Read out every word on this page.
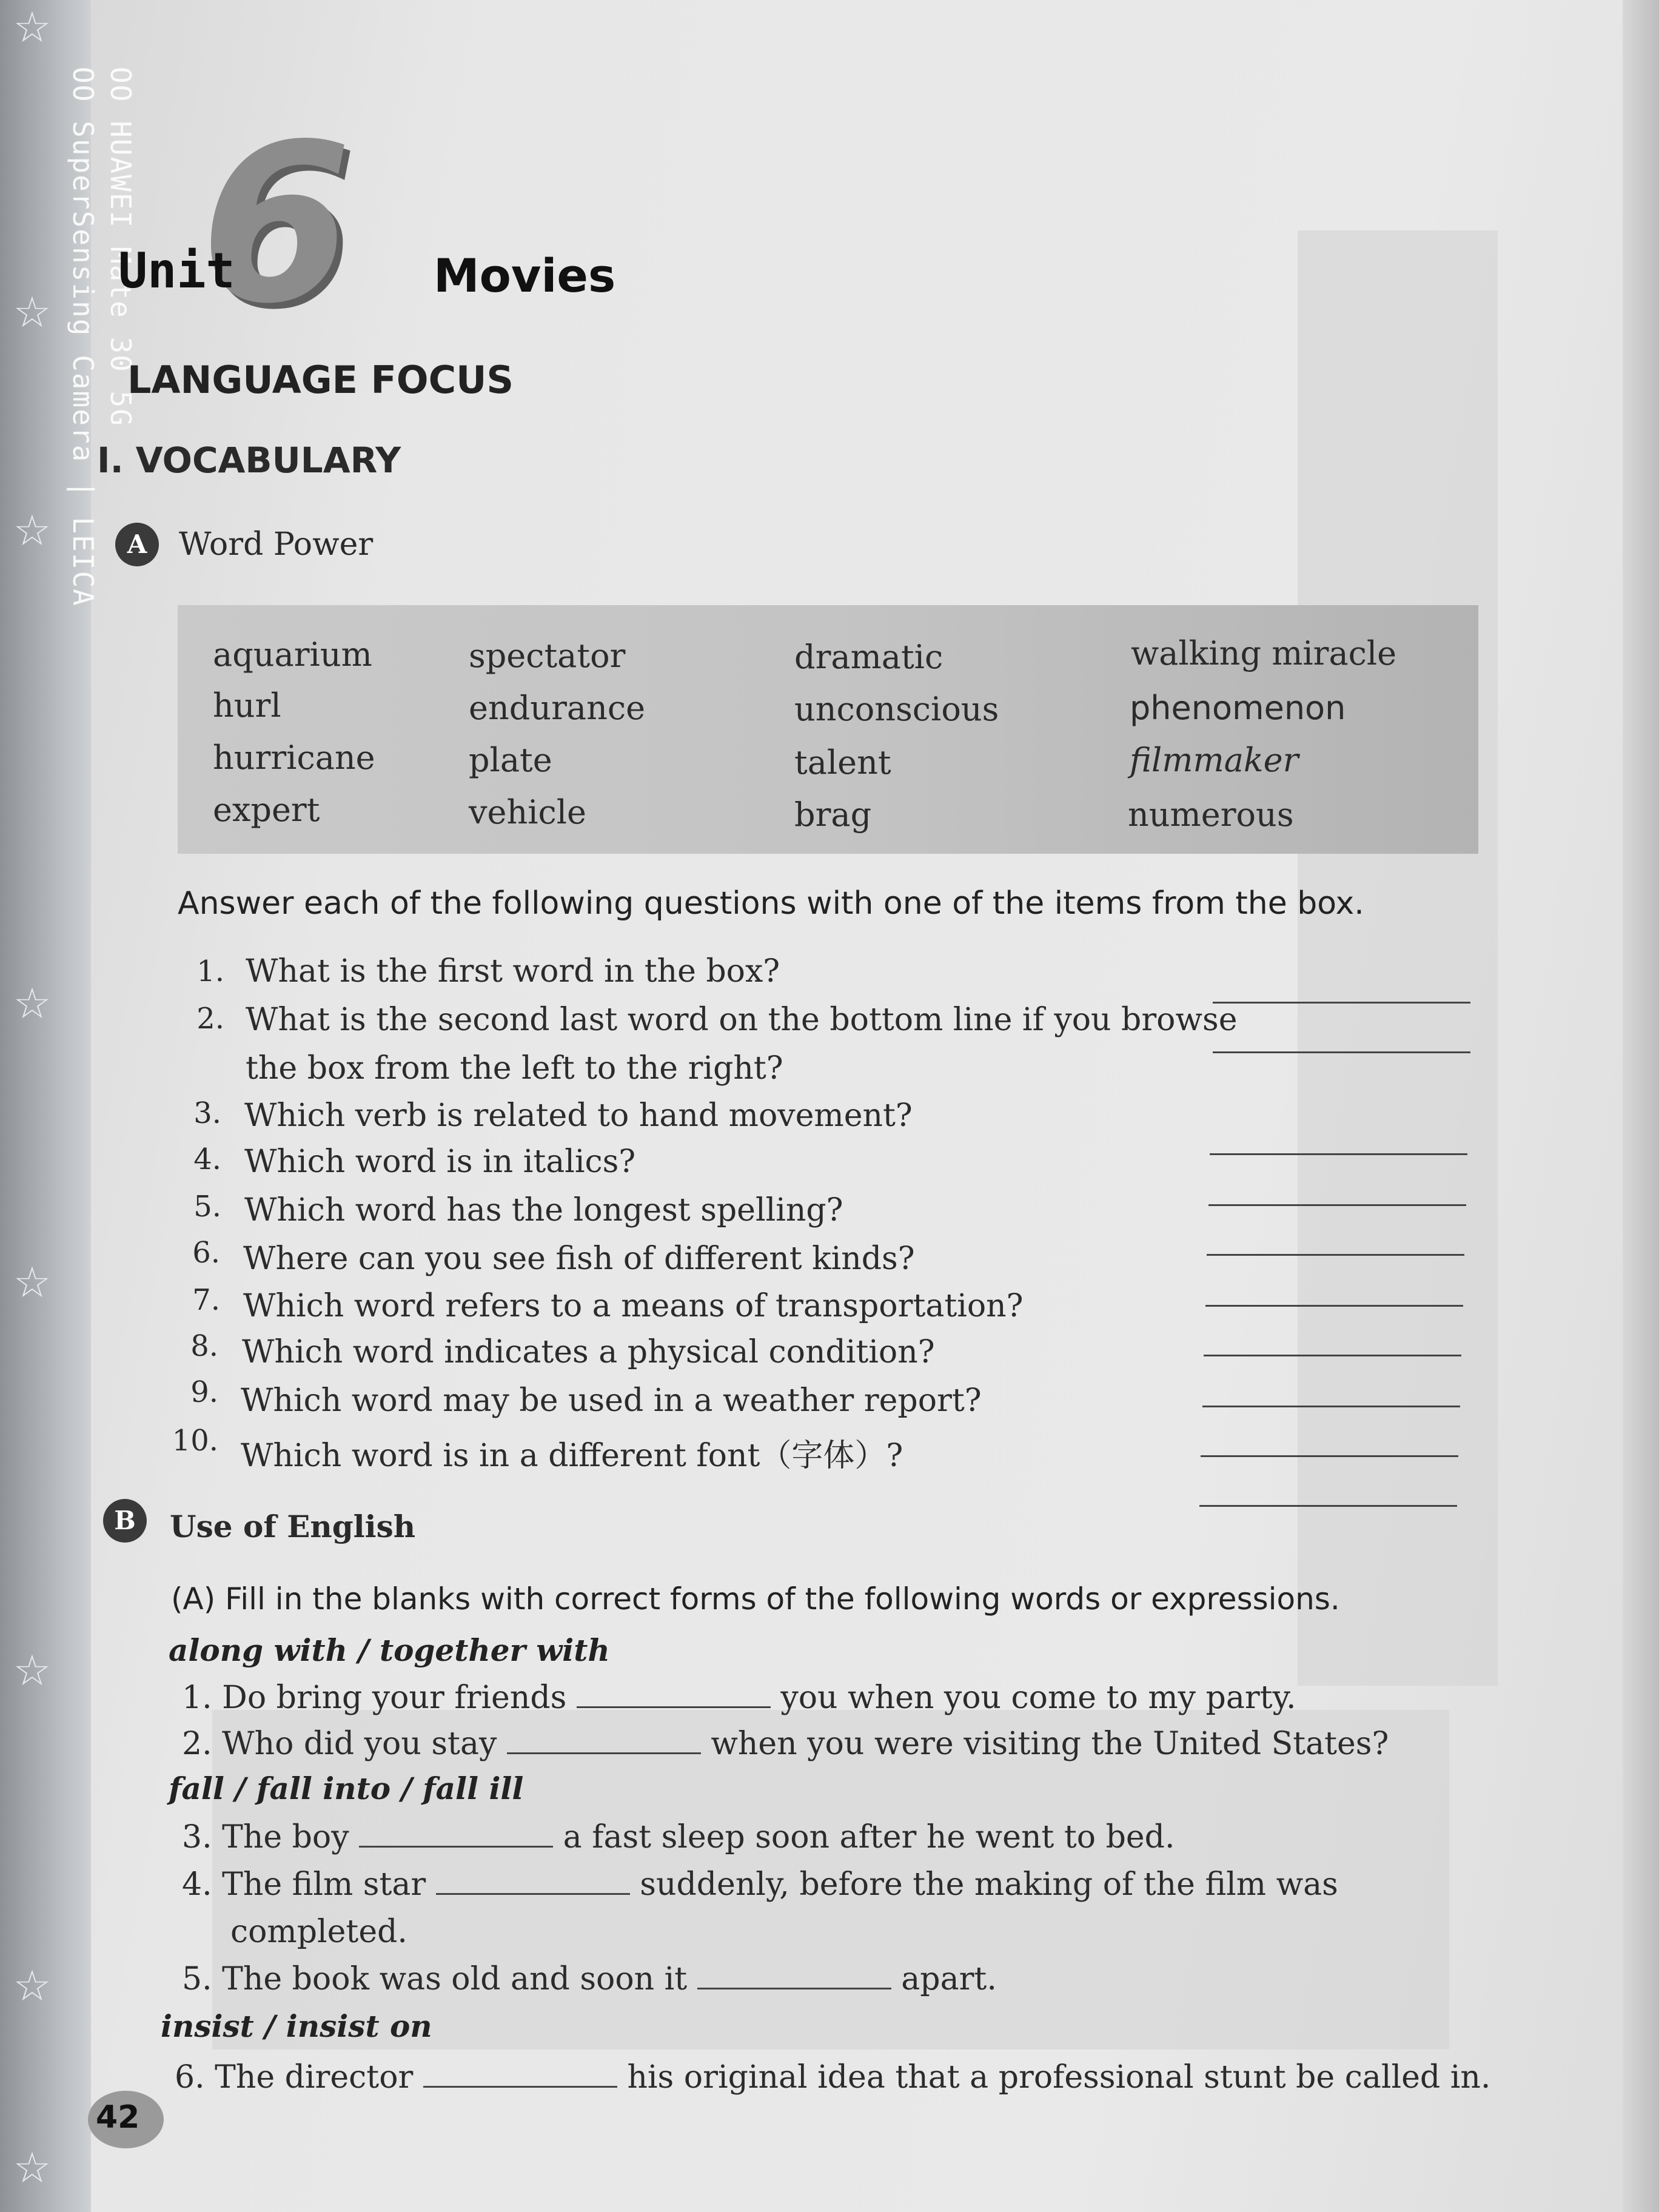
☆
☆
☆
☆
☆
☆
☆
☆
OO HUAWEI Mate 30 5G
OO SuperSensing Camera | LEICA 6
Unit	Movies
LANGUAGE FOCUS
I. VOCABULARY
A	Word Power
aquarium	spectator	dramatic	walking miracle
hurl	endurance	unconscious	phenomenon
hurricane	plate	talent	filmmaker
expert	vehicle	brag	numerous
Answer each of the following questions with one of the items from the box.
1. What is the first word in the box?
2. What is the second last word on the bottom line if you browse
the box from the left to the right?
3. Which verb is related to hand movement?
4. Which word is in italics?
5. Which word has the longest spelling?
6. Where can you see fish of different kinds?
7. Which word refers to a means of transportation?
8. Which word indicates a physical condition?
9. Which word may be used in a weather report?
10. Which word is in a different font（字体）?
B	Use of English
(A) Fill in the blanks with correct forms of the following words or expressions.
along with / together with
1. Do bring your friends	you when you come to my party.
2. Who did you stay	when you were visiting the United States?
fall / fall into / fall ill
3. The boy	a fast sleep soon after he went to bed.
4. The film star	suddenly, before the making of the film was
completed.
5. The book was old and soon it	apart.
insist / insist on
6. The director	his original idea that a professional stunt be called in.
42
